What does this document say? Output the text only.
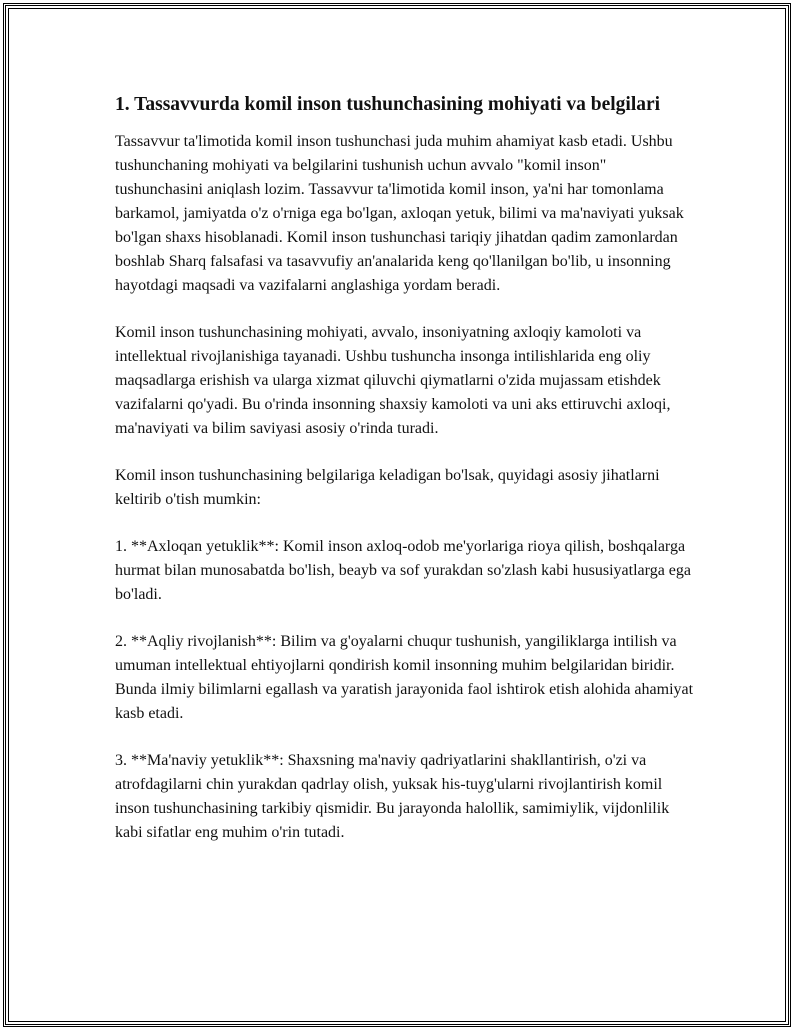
1. Tassavvurda komil inson tushunchasining mohiyati va belgilari

Tassavvur ta'limotida komil inson tushunchasi juda muhim ahamiyat kasb etadi. Ushbu tushunchaning mohiyati va belgilarini tushunish uchun avvalo "komil inson" tushunchasini aniqlash lozim. Tassavvur ta'limotida komil inson, ya'ni har tomonlama barkamol, jamiyatda o'z o'rniga ega bo'lgan, axloqan yetuk, bilimi va ma'naviyati yuksak bo'lgan shaxs hisoblanadi. Komil inson tushunchasi tariqiy jihatdan qadim zamonlardan boshlab Sharq falsafasi va tasavvufiy an'analarida keng qo'llanilgan bo'lib, u insonning hayotdagi maqsadi va vazifalarni anglashiga yordam beradi.

Komil inson tushunchasining mohiyati, avvalo, insoniyatning axloqiy kamoloti va intellektual rivojlanishiga tayanadi. Ushbu tushuncha insonga intilishlarida eng oliy maqsadlarga erishish va ularga xizmat qiluvchi qiymatlarni o'zida mujassam etishdek vazifalarni qo'yadi. Bu o'rinda insonning shaxsiy kamoloti va uni aks ettiruvchi axloqi, ma'naviyati va bilim saviyasi asosiy o'rinda turadi.

Komil inson tushunchasining belgilariga keladigan bo'lsak, quyidagi asosiy jihatlarni keltirib o'tish mumkin:

1. **Axloqan yetuklik**: Komil inson axloq-odob me'yorlariga rioya qilish, boshqalarga hurmat bilan munosabatda bo'lish, beayb va sof yurakdan so'zlash kabi hususiyatlarga ega bo'ladi.

2. **Aqliy rivojlanish**: Bilim va g'oyalarni chuqur tushunish, yangiliklarga intilish va umuman intellektual ehtiyojlarni qondirish komil insonning muhim belgilaridan biridir. Bunda ilmiy bilimlarni egallash va yaratish jarayonida faol ishtirok etish alohida ahamiyat kasb etadi.

3. **Ma'naviy yetuklik**: Shaxsning ma'naviy qadriyatlarini shakllantirish, o'zi va atrofdagilarni chin yurakdan qadrlay olish, yuksak his-tuyg'ularni rivojlantirish komil inson tushunchasining tarkibiy qismidir. Bu jarayonda halollik, samimiylik, vijdonlilik kabi sifatlar eng muhim o'rin tutadi.
